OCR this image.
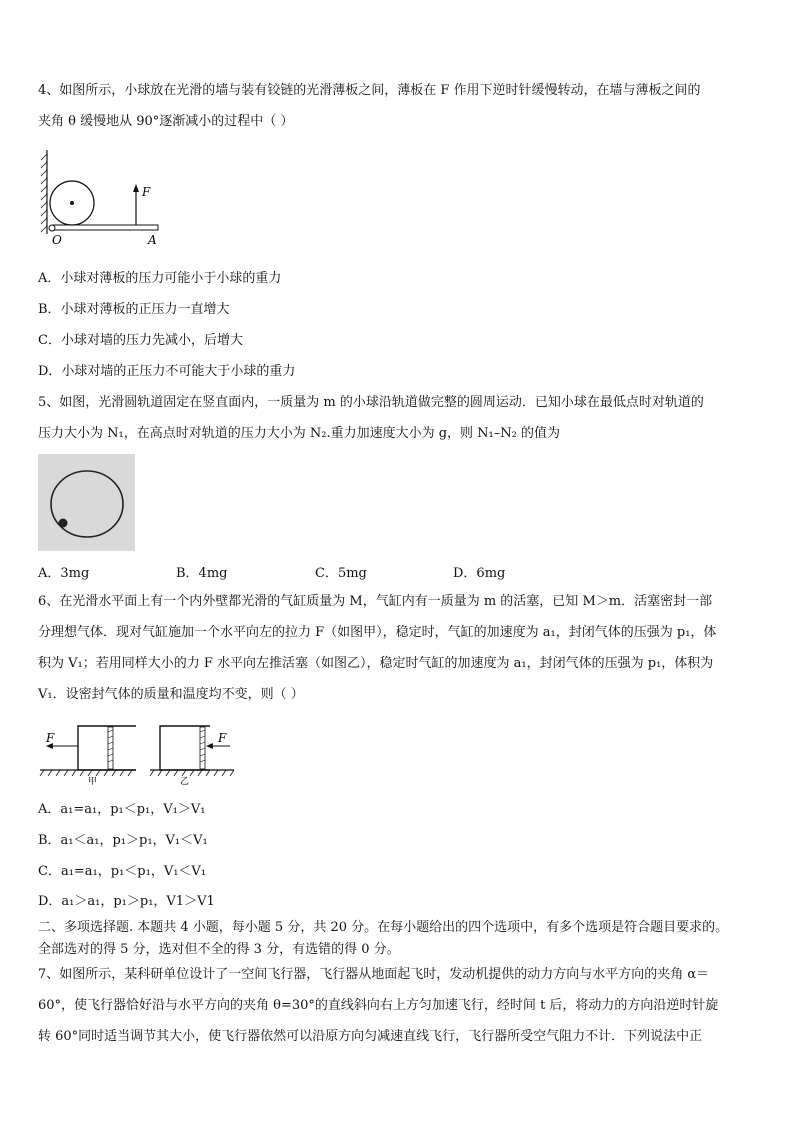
4、如图所示，小球放在光滑的墙与装有铰链的光滑薄板之间，薄板在 F 作用下逆时针缓慢转动，在墙与薄板之间的
夹角 θ 缓慢地从 90°逐渐减小的过程中（ ）
F
O	A
A．小球对薄板的压力可能小于小球的重力
B．小球对薄板的正压力一直增大
C．小球对墙的压力先减小，后增大
D．小球对墙的正压力不可能大于小球的重力
5、如图，光滑圆轨道固定在竖直面内，一质量为 m 的小球沿轨道做完整的圆周运动．已知小球在最低点时对轨道的
压力大小为 N₁，在高点时对轨道的压力大小为 N₂.重力加速度大小为 g，则 N₁–N₂ 的值为
A．3mg	B．4mg	C．5mg	D．6mg
6、在光滑水平面上有一个内外壁都光滑的气缸质量为 M，气缸内有一质量为 m 的活塞，已知 M＞m．活塞密封一部
分理想气体．现对气缸施加一个水平向左的拉力 F（如图甲），稳定时，气缸的加速度为 a₁，封闭气体的压强为 p₁，体
积为 V₁；若用同样大小的力 F 水平向左推活塞（如图乙），稳定时气缸的加速度为 a₁，封闭气体的压强为 p₁，体积为
V₁．设密封气体的质量和温度均不变，则（ ）
F
甲
F
乙
A．a₁=a₁，p₁＜p₁，V₁＞V₁
B．a₁＜a₁，p₁＞p₁，V₁＜V₁
C．a₁=a₁，p₁＜p₁，V₁＜V₁
D．a₁＞a₁，p₁＞p₁，V1＞V1
二、多项选择题. 本题共 4 小题，每小题 5 分，共 20 分。在每小题给出的四个选项中，有多个选项是符合题目要求的。
全部选对的得 5 分，选对但不全的得 3 分，有选错的得 0 分。
7、如图所示，某科研单位设计了一空间飞行器，飞行器从地面起飞时，发动机提供的动力方向与水平方向的夹角 α＝
60°，使飞行器恰好沿与水平方向的夹角 θ=30°的直线斜向右上方匀加速飞行，经时间 t 后，将动力的方向沿逆时针旋
转 60°同时适当调节其大小，使飞行器依然可以沿原方向匀减速直线飞行，飞行器所受空气阻力不计．下列说法中正
